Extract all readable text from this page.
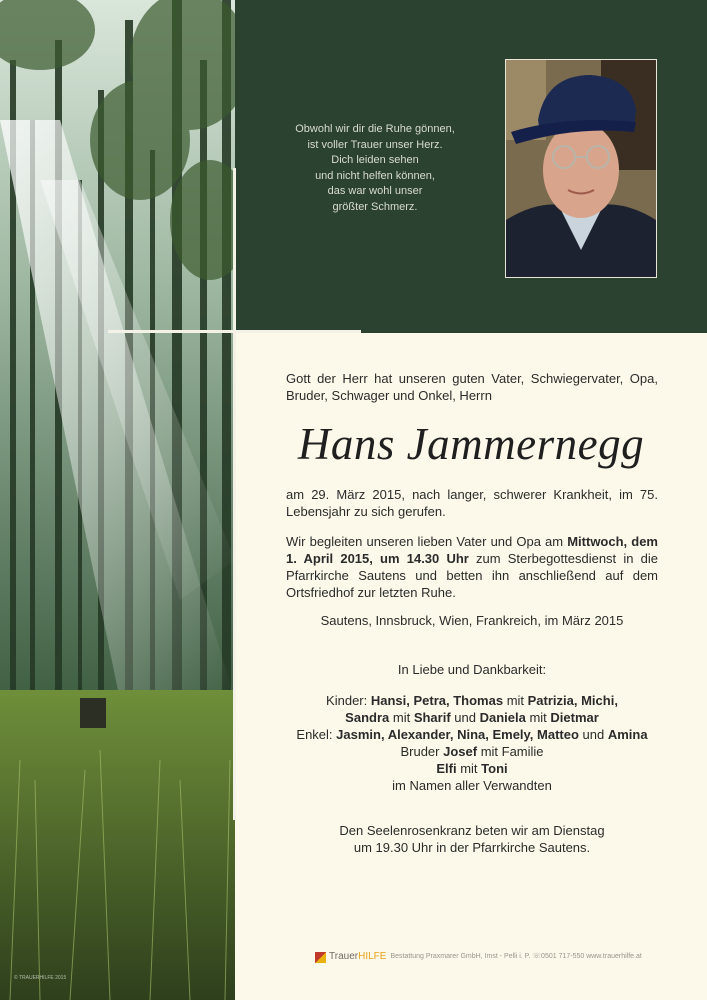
© TRAUERHILFE 2015
Obwohl wir dir die Ruhe gönnen,
ist voller Trauer unser Herz.
Dich leiden sehen
und nicht helfen können,
das war wohl unser
größter Schmerz.
Gott der Herr hat unseren guten Vater, Schwiegervater, Opa, Bruder, Schwager und Onkel, Herrn
Hans Jammernegg
am 29. März 2015, nach langer, schwerer Krankheit, im 75. Lebensjahr zu sich gerufen.
Wir begleiten unseren lieben Vater und Opa am Mittwoch, dem 1. April 2015, um 14.30 Uhr zum Sterbegottesdienst in die Pfarrkirche Sautens und betten ihn anschließend auf dem Ortsfriedhof zur letzten Ruhe.
Sautens, Innsbruck, Wien, Frankreich, im März 2015
In Liebe und Dankbarkeit:
Kinder: Hansi, Petra, Thomas mit Patrizia, Michi,
Sandra mit Sharif und Daniela mit Dietmar
Enkel: Jasmin, Alexander, Nina, Emely, Matteo und Amina
Bruder Josef mit Familie
Elfi mit Toni
im Namen aller Verwandten
Den Seelenrosenkranz beten wir am Dienstag
um 19.30 Uhr in der Pfarrkirche Sautens.
TrauerHILFE Bestattung Praxmarer GmbH, Imst - Pelli i. P. ☏0501 717-550 www.trauerhilfe.at
